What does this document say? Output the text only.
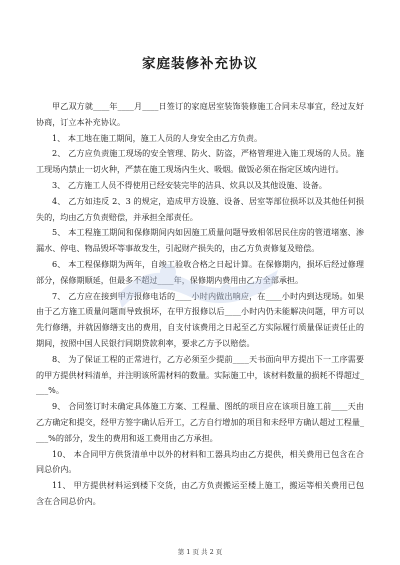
家庭装修补充协议

甲乙双方就____年____月____日签订的家庭居室装饰装修施工合同未尽事宜，经过友好协商，订立本补充协议。

1、 本工地在施工期间，施工人员的人身安全由乙方负责。

2、 乙方应负责施工现场的安全管理、防火、防盗，严格管理进入施工现场的人员。施工现场内禁止一切火种，严禁在施工现场内生火、吸烟。做饭必须在指定区域内进行。

3、 乙方施工人员不得使用已经安装完毕的洁具、炊具以及其他设施、设备。

4、 乙方如违反 2、3 的规定，造成甲方设施、设备、居室等部位损坏以及其他任何损失的，均由乙方负责赔偿，并承担全部责任。

5、 本工程施工期间和保修期间内如因施工质量问题导致相邻居民住房的管道堵塞、渗漏水、停电、物品毁坏等事故发生，引起财产损失的，由乙方负责修复及赔偿。

6、 本工程保修期为两年，自竣工验收合格之日起计算。在保修期内，损坏后经过修理部分，保修期顺延，但最多不超过____年，保修期内费用由乙方全部承担。

7、 乙方应在接到甲方报修电话的____小时内做出响应，在____小时内到达现场。如果由于乙方施工质量问题而导致损坏，在甲方报修以后____小时内仍未能解决问题，甲方可以先行修缮，并就因修缮支出的费用，自支付该费用之日起至乙方实际履行质量保证责任止的期间，按照中国人民银行同期贷款利率，要求乙方予以赔偿。

8、 为了保证工程的正常进行，乙方必须至少提前____天书面向甲方提出下一工序需要的甲方提供材料清单，并注明该所需材料的数量。实际施工中，该材料数量的损耗不得超过____%。

9、 合同签订时未确定具体施工方案、工程量、图纸的项目应在该项目施工前____天由乙方确定和提交，经甲方签字确认后开工，乙方自行增加的项目和未经甲方确认超过工程量____%的部分，发生的费用和返工费用由乙方承担。

10、 本合同甲方供货清单中以外的材料和工器具均由乙方提供，相关费用已包含在合同总价内。

11、 甲方提供材料运到楼下交货，由乙方负责搬运至楼上施工，搬运等相关费用已包含在合同总价内。

第 1 页 共 2 页
